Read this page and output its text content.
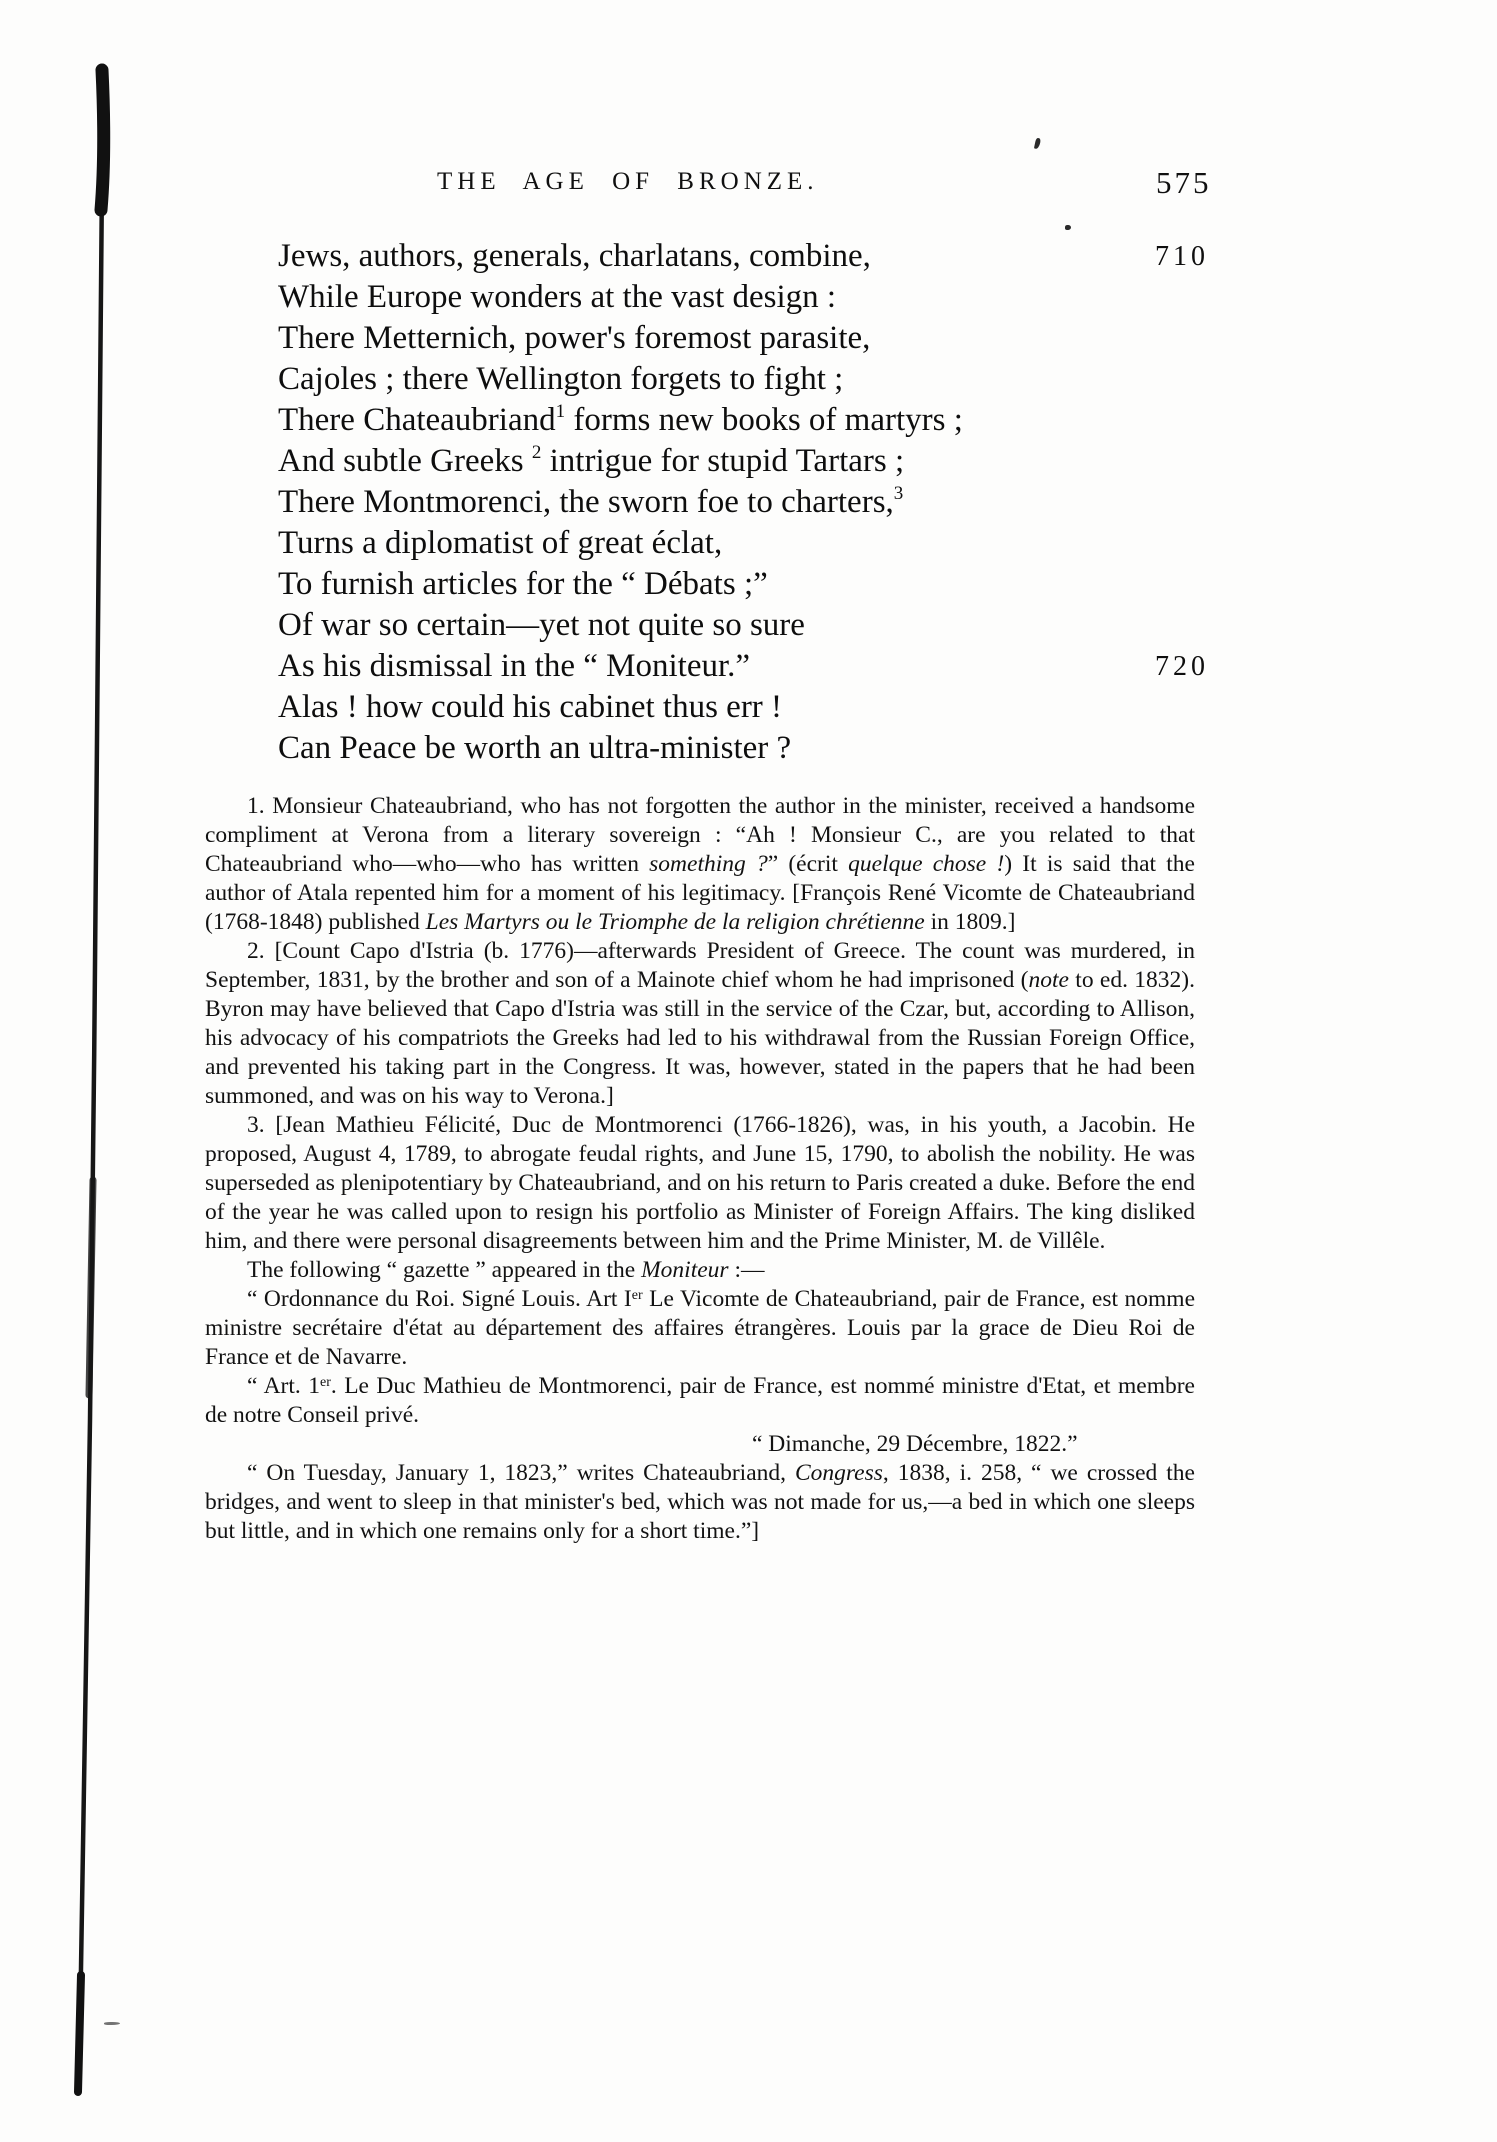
THE AGE OF BRONZE.	575
Jews, authors, generals, charlatans, combine,	710
While Europe wonders at the vast design :
There Metternich, power's foremost parasite,
Cajoles ; there Wellington forgets to fight ;
There Chateaubriand$^1$ forms new books of martyrs ;
And subtle Greeks $^2$ intrigue for stupid Tartars ;
There Montmorenci, the sworn foe to charters,$^3$
Turns a diplomatist of great éclat,
To furnish articles for the “ Débats ;”
Of war so certain—yet not quite so sure
As his dismissal in the “ Moniteur.”	720
Alas ! how could his cabinet thus err !
Can Peace be worth an ultra-minister ?

1. Monsieur Chateaubriand, who has not forgotten the author in the minister, received a handsome compliment at Verona from a literary sovereign : “Ah ! Monsieur C., are you related to that Chateaubriand who—who—who has written something ?” (écrit quelque chose !) It is said that the author of Atala repented him for a moment of his legitimacy. [François René Vicomte de Chateaubriand (1768-1848) published Les Martyrs ou le Triomphe de la religion chrétienne in 1809.]

2. [Count Capo d'Istria (b. 1776)—afterwards President of Greece. The count was murdered, in September, 1831, by the brother and son of a Mainote chief whom he had imprisoned (note to ed. 1832). Byron may have believed that Capo d'Istria was still in the service of the Czar, but, according to Allison, his advocacy of his compatriots the Greeks had led to his withdrawal from the Russian Foreign Office, and prevented his taking part in the Congress. It was, however, stated in the papers that he had been summoned, and was on his way to Verona.]

3. [Jean Mathieu Félicité, Duc de Montmorenci (1766-1826), was, in his youth, a Jacobin. He proposed, August 4, 1789, to abrogate feudal rights, and June 15, 1790, to abolish the nobility. He was superseded as plenipotentiary by Chateaubriand, and on his return to Paris created a duke. Before the end of the year he was called upon to resign his portfolio as Minister of Foreign Affairs. The king disliked him, and there were personal disagreements between him and the Prime Minister, M. de Villêle.

The following “ gazette ” appeared in the Moniteur :—

“ Ordonnance du Roi. Signé Louis. Art Ier Le Vicomte de Chateaubriand, pair de France, est nomme ministre secrétaire d'état au département des affaires étrangères. Louis par la grace de Dieu Roi de France et de Navarre.

“ Art. 1er. Le Duc Mathieu de Montmorenci, pair de France, est nommé ministre d'Etat, et membre de notre Conseil privé.

“ Dimanche, 29 Décembre, 1822.”

“ On Tuesday, January 1, 1823,” writes Chateaubriand, Congress, 1838, i. 258, “ we crossed the bridges, and went to sleep in that minister's bed, which was not made for us,—a bed in which one sleeps but little, and in which one remains only for a short time.”]
